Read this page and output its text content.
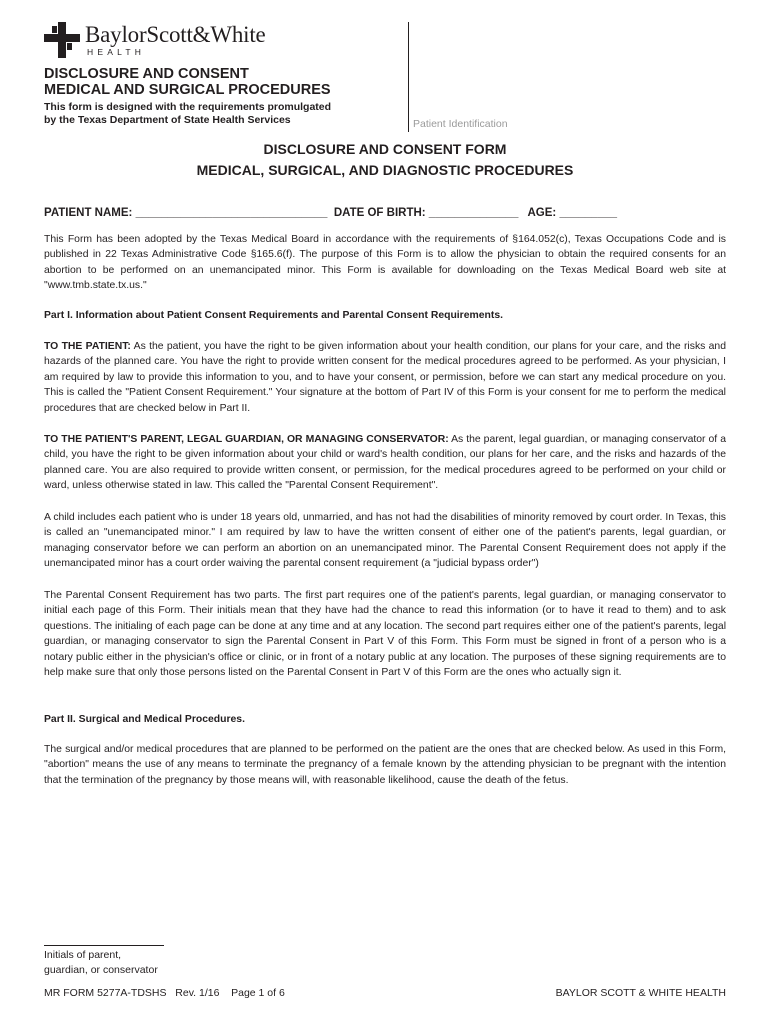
BaylorScott&White
HEALTH
DISCLOSURE AND CONSENT
MEDICAL AND SURGICAL PROCEDURES
This form is designed with the requirements promulgated
by the Texas Department of State Health Services	Patient Identification
DISCLOSURE AND CONSENT FORM
MEDICAL, SURGICAL, AND DIAGNOSTIC PROCEDURES
PATIENT NAME: ______________________________  DATE OF BIRTH: ______________   AGE: _________

This Form has been adopted by the Texas Medical Board in accordance with the requirements of §164.052(c), Texas Occupations Code and is published in 22 Texas Administrative Code §165.6(f). The purpose of this Form is to allow the physician to obtain the required consents for an abortion to be performed on an unemancipated minor. This Form is available for downloading on the Texas Medical Board web site at "www.tmb.state.tx.us."

Part I. Information about Patient Consent Requirements and Parental Consent Requirements.

TO THE PATIENT: As the patient, you have the right to be given information about your health condition, our plans for your care, and the risks and hazards of the planned care. You have the right to provide written consent for the medical procedures agreed to be performed. As your physician, I am required by law to provide this information to you, and to have your consent, or permission, before we can start any medical procedure on you. This is called the "Patient Consent Requirement." Your signature at the bottom of Part IV of this Form is your consent for me to perform the medical procedures that are checked below in Part II.

TO THE PATIENT'S PARENT, LEGAL GUARDIAN, OR MANAGING CONSERVATOR: As the parent, legal guardian, or managing conservator of a child, you have the right to be given information about your child or ward's health condition, our plans for her care, and the risks and hazards of the planned care. You are also required to provide written consent, or permission, for the medical procedures agreed to be performed on your child or ward, unless otherwise stated in law. This called the "Parental Consent Requirement".

A child includes each patient who is under 18 years old, unmarried, and has not had the disabilities of minority removed by court order. In Texas, this is called an "unemancipated minor." I am required by law to have the written consent of either one of the patient's parents, legal guardian, or managing conservator before we can perform an abortion on an unemancipated minor. The Parental Consent Requirement does not apply if the unemancipated minor has a court order waiving the parental consent requirement (a "judicial bypass order")

The Parental Consent Requirement has two parts. The first part requires one of the patient's parents, legal guardian, or managing conservator to initial each page of this Form. Their initials mean that they have had the chance to read this information (or to have it read to them) and to ask questions. The initialing of each page can be done at any time and at any location. The second part requires either one of the patient's parents, legal guardian, or managing conservator to sign the Parental Consent in Part V of this Form. This Form must be signed in front of a person who is a notary public either in the physician's office or clinic, or in front of a notary public at any location. The purposes of these signing requirements are to help make sure that only those persons listed on the Parental Consent in Part V of this Form are the ones who actually sign it.

Part II. Surgical and Medical Procedures.

The surgical and/or medical procedures that are planned to be performed on the patient are the ones that are checked below. As used in this Form, "abortion" means the use of any means to terminate the pregnancy of a female known by the attending physician to be pregnant with the intention that the termination of the pregnancy by those means will, with reasonable likelihood, cause the death of the fetus.

Initials of parent,
guardian, or conservator
MR FORM 5277A-TDSHS   Rev. 1/16    Page 1 of 6	BAYLOR SCOTT & WHITE HEALTH
